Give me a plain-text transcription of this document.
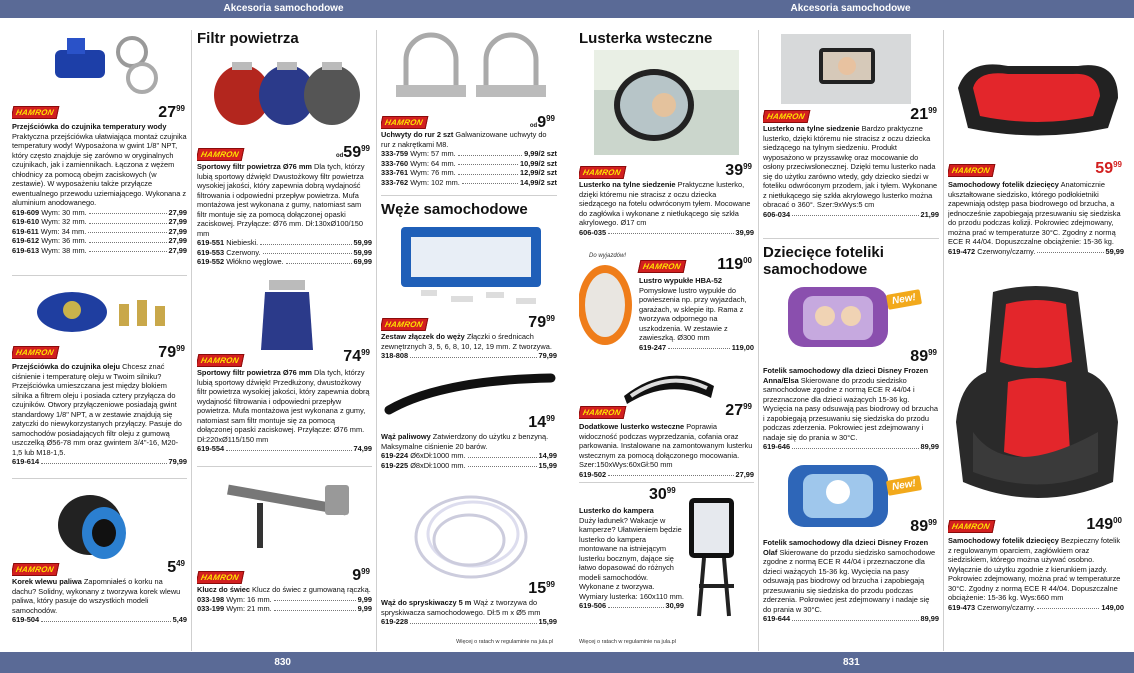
Akcesoria samochodowe
HAMRON	$27^{99}$
Przejściówka do czujnika temperatury wody
Praktyczna przejściówka ułatwiająca montaż czujnika temperatury wody! Wyposażona w gwint 1/8" NPT, który często znajduje się zarówno w oryginalnych czujnikach, jak i zamiennikach. Łączona z wężem chłodnicy za pomocą obejm zaciskowych (w zestawie). W wyposażeniu także przyłącze ewentualnego przewodu uziemiającego. Wykonana z aluminium anodowanego.
619-609
Wym: 30 mm.	27,99
619-610
Wym: 32 mm.	27,99
619-611
Wym: 34 mm.	27,99
619-612
Wym: 36 mm.	27,99
619-613
Wym: 38 mm.	27,99
HAMRON	$79^{99}$
Przejściówka do czujnika oleju Chcesz znać ciśnienie i temperaturę oleju w Twoim silniku? Przejściówka umieszczana jest między blokiem silnika a filtrem oleju i posiada cztery przyłącza do czujników. Otwory przyłączeniowe posiadają gwint standardowy 1/8" NPT, a w zestawie znajdują się zatyczki do niewykorzystanych przyłączy. Pasuje do samochodów posiadających filtr oleju z gumową uszczelką Ø56-78 mm oraz gwintem 3/4"-16, M20-1,5 lub M18-1,5.
619-614	79,99
HAMRON	$5^{49}$
Korek wlewu paliwa Zapomniałeś o korku na dachu? Solidny, wykonany z tworzywa korek wlewu paliwa, który pasuje do wszystkich modeli samochodów.
619-504	5,49
Filtr powietrza
HAMRON	$od59^{99}$
Sportowy filtr powietrza Ø76 mm Dla tych, którzy lubią sportowy dźwięk! Dwustożkowy filtr powietrza wysokiej jakości, który zapewnia dobrą wydajność filtrowania i odpowiedni przepływ powietrza. Mufa montażowa jest wykonana z gumy, natomiast sam filtr montuje się za pomocą dołączonej opaski zaciskowej. Przyłącze: Ø76 mm. Dł:130xØ100/150 mm
619-551
Niebieski.	59,99
619-553
Czerwony.	59,99
619-552
Włókno węglowe.	69,99
HAMRON	$74^{99}$
Sportowy filtr powietrza Ø76 mm Dla tych, którzy lubią sportowy dźwięk! Przedłużony, dwustożkowy filtr powietrza wysokiej jakości, który zapewnia dobrą wydajność filtrowania i odpowiedni przepływ powietrza. Mufa montażowa jest wykonana z gumy, natomiast sam filtr montuje się za pomocą dołączonej opaski zaciskowej. Przyłącze: Ø76 mm. Dł:220xØ115/150 mm
619-554	74,99
HAMRON	$9^{99}$
Klucz do świec Klucz do świec z gumowaną rączką.
033-198
Wym: 16 mm.	9,99
033-199
Wym: 21 mm.	9,99
HAMRON	$od9^{99}$
Uchwyty do rur 2 szt Galwanizowane uchwyty do rur z nakrętkami M8.
333-759
Wym: 57 mm.	9,99/2 szt
333-760
Wym: 64 mm.	10,99/2 szt
333-761
Wym: 76 mm.	12,99/2 szt
333-762
Wym: 102 mm.	14,99/2 szt
Węże samochodowe
HAMRON	$79^{99}$
Zestaw złączek do węży Złączki o średnicach zewnętrznych 3, 5, 6, 8, 10, 12, 19 mm. Z tworzywa.
318-808	79,99
$14^{99}$
Wąż paliwowy Zatwierdzony do użytku z benzyną. Maksymalne ciśnienie 20 barów.
619-224
Ø6xDł:1000 mm.	14,99
619-225
Ø8xDł:1000 mm.	15,99
$15^{99}$
Wąż do spryskiwaczy 5 m Wąż z tworzywa do spryskiwacza samochodowego. Dł:5 m x Ø5 mm
619-228	15,99
Więcej o ratach w regulaminie na jula.pl
830
Akcesoria samochodowe
Lusterka wsteczne
HAMRON	$39^{99}$
Lusterko na tylne siedzenie Praktyczne lusterko, dzięki któremu nie stracisz z oczu dziecka siedzącego na fotelu odwróconym tyłem. Mocowane do zagłówka i wykonane z nietłukącego się szkła akrylowego. Ø17 cm
606-035	39,99
Do wyjazdów!
HAMRON $119^{00}$
Lustro wypukłe HBA-52
Pomysłowe lustro wypukłe do powieszenia np. przy wyjazdach, garażach, w sklepie itp. Rama z tworzywa odpornego na uszkodzenia. W zestawie z zawieszką. Ø300 mm
619-247	119,00
HAMRON	$27^{99}$
Dodatkowe lusterko wsteczne Poprawia widoczność podczas wyprzedzania, cofania oraz parkowania. Instalowane na zamontowanym lusterku wstecznym za pomocą dołączonego mocowania. Szer:150xWys:60xGł:50 mm
619-502	27,99
$30^{99}$
Lusterko do kampera
Duży ładunek? Wakacje w kamperze? Ułatwieniem będzie lusterko do kampera montowane na istniejącym lusterku bocznym, dające się łatwo dopasować do różnych modeli samochodów. Wykonane z tworzywa. Wymiary lusterka: 160x110 mm.
619-506	30,99
Więcej o ratach w regulaminie na jula.pl
HAMRON	$21^{99}$
Lusterko na tylne siedzenie Bardzo praktyczne lusterko, dzięki któremu nie stracisz z oczu dziecka siedzącego na tylnym siedzeniu. Produkt wyposażono w przyssawkę oraz mocowanie do osłony przeciwsłonecznej. Dzięki temu lusterko nada się do użytku zarówno wtedy, gdy dziecko siedzi w foteliku odwróconym przodem, jak i tyłem. Wykonane z nietłukącego się szkła akrylowego lusterko można obracać o 360°. Szer:9xWys:5 cm
606-034	21,99
Dziecięce foteliki samochodowe
New!
$89^{99}$
Fotelik samochodowy dla dzieci Disney Frozen Anna/Elsa Skierowane do przodu siedzisko samochodowe zgodne z normą ECE R 44/04 i przeznaczone dla dzieci ważących 15-36 kg. Wycięcia na pasy odsuwają pas biodrowy od brzucha i zapobiegają przesuwaniu się siedziska do przodu podczas zderzenia. Pokrowiec jest zdejmowany i nadaje się do prania w 30°C.
619-646	89,99
New!
$89^{99}$
Fotelik samochodowy dla dzieci Disney Frozen Olaf Skierowane do przodu siedzisko samochodowe zgodne z normą ECE R 44/04 i przeznaczone dla dzieci ważących 15-36 kg. Wycięcia na pasy odsuwają pas biodrowy od brzucha i zapobiegają przesuwaniu się siedziska do przodu podczas zderzenia. Pokrowiec jest zdejmowany i nadaje się do prania w 30°C.
619-644	89,99
HAMRON	$59^{99}$
Samochodowy fotelik dziecięcy Anatomicznie ukształtowane siedzisko, którego podłokietniki zapewniają odstęp pasa biodrowego od brzucha, a jednocześnie zapobiegają przesuwaniu się siedziska do przodu podczas kolizji. Pokrowiec zdejmowany, można prać w temperaturze 30°C. Zgodny z normą ECE R 44/04. Dopuszczalne obciążenie: 15-36 kg.
619-472
Czerwony/czarny.	59,99
HAMRON	$149^{00}$
Samochodowy fotelik dziecięcy Bezpieczny fotelik z regulowanym oparciem, zagłówkiem oraz siedziskiem, którego można używać osobno. Wyłącznie do użytku zgodnie z kierunkiem jazdy. Pokrowiec zdejmowany, można prać w temperaturze 30°C. Zgodny z normą ECE R 44/04. Dopuszczalne obciążenie: 15-36 kg. Wys:660 mm
619-473
Czerwony/czarny.	149,00
831
